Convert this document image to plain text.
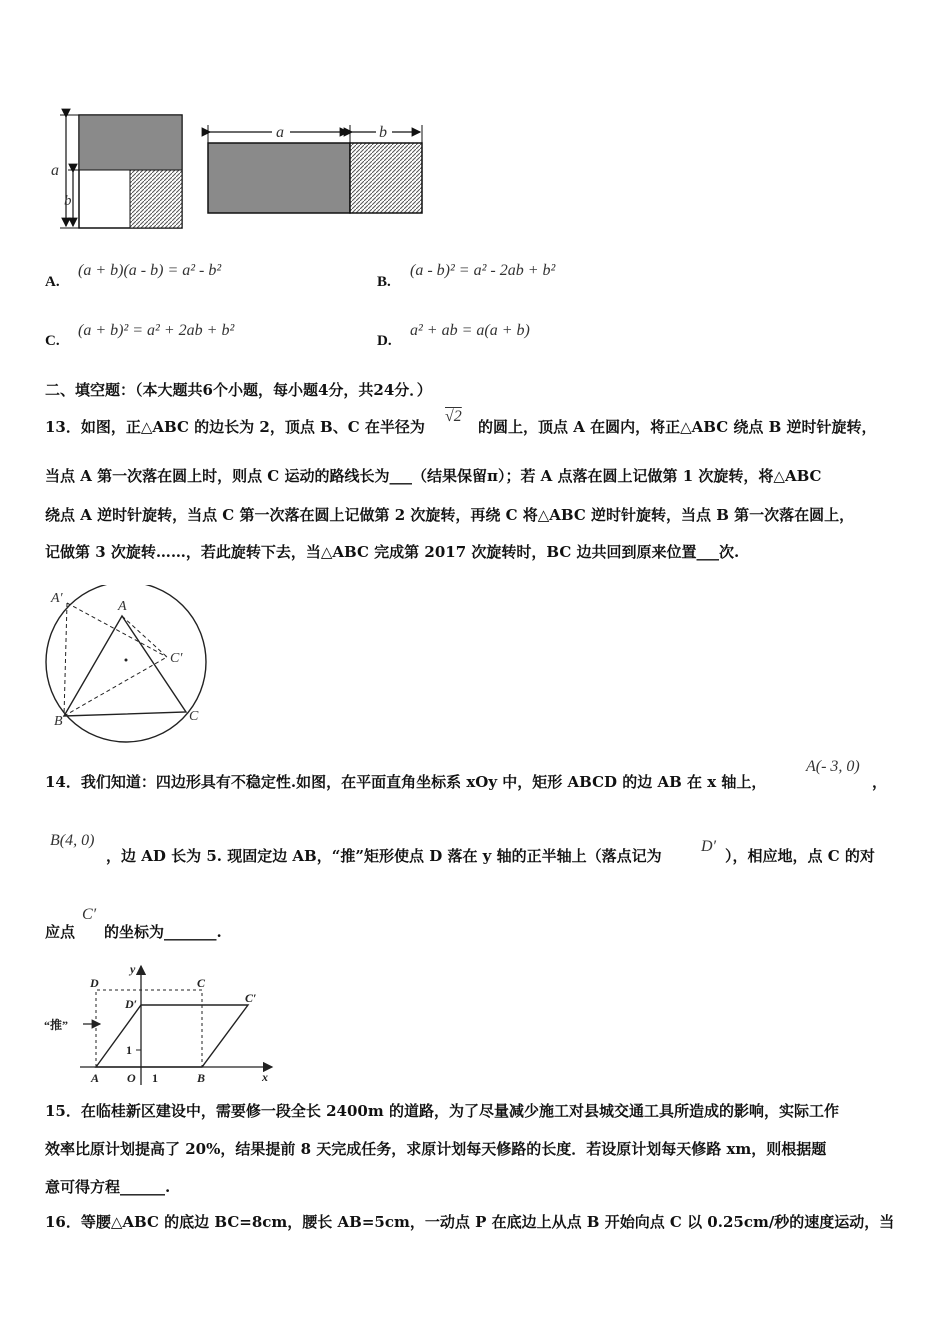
a
b
a	b
A.
(a + b)(a - b) = a² - b²
B.
(a - b)² = a² - 2ab + b²
C.
(a + b)² = a² + 2ab + b²
D.
a² + ab = a(a + b)
二、填空题：（本大题共6个小题，每小题4分，共24分．）
13．如图，正△ABC 的边长为 2，顶点 B、C 在半径为
√2
的圆上，顶点 A 在圆内，将正△ABC 绕点 B 逆时针旋转，
当点 A 第一次落在圆上时，则点 C 运动的路线长为___（结果保留π）；若 A 点落在圆上记做第 1 次旋转，将△ABC
绕点 A 逆时针旋转，当点 C 第一次落在圆上记做第 2 次旋转，再绕 C 将△ABC 逆时针旋转，当点 B 第一次落在圆上，
记做第 3 次旋转……，若此旋转下去，当△ABC 完成第 2017 次旋转时，BC 边共回到原来位置___次.
A′
A
C′
B	C
14．我们知道：四边形具有不稳定性.如图，在平面直角坐标系 xOy 中，矩形 ABCD 的边 AB 在 x 轴上，
A(- 3, 0)
，
B(4, 0)
，边 AD 长为 5. 现固定边 AB，“推”矩形使点 D 落在 y 轴的正半轴上（落点记为
D′
），相应地，点 C 的对
应点
C′
的坐标为_______.
D	C
D′	C′
y
x
“推”
1
A O 1	B
15．在临桂新区建设中，需要修一段全长 2400m 的道路，为了尽量减少施工对县城交通工具所造成的影响，实际工作
效率比原计划提高了 20%，结果提前 8 天完成任务，求原计划每天修路的长度．若设原计划每天修路 xm，则根据题
意可得方程______.
16．等腰△ABC 的底边 BC=8cm，腰长 AB=5cm，一动点 P 在底边上从点 B 开始向点 C 以 0.25cm/秒的速度运动，当
